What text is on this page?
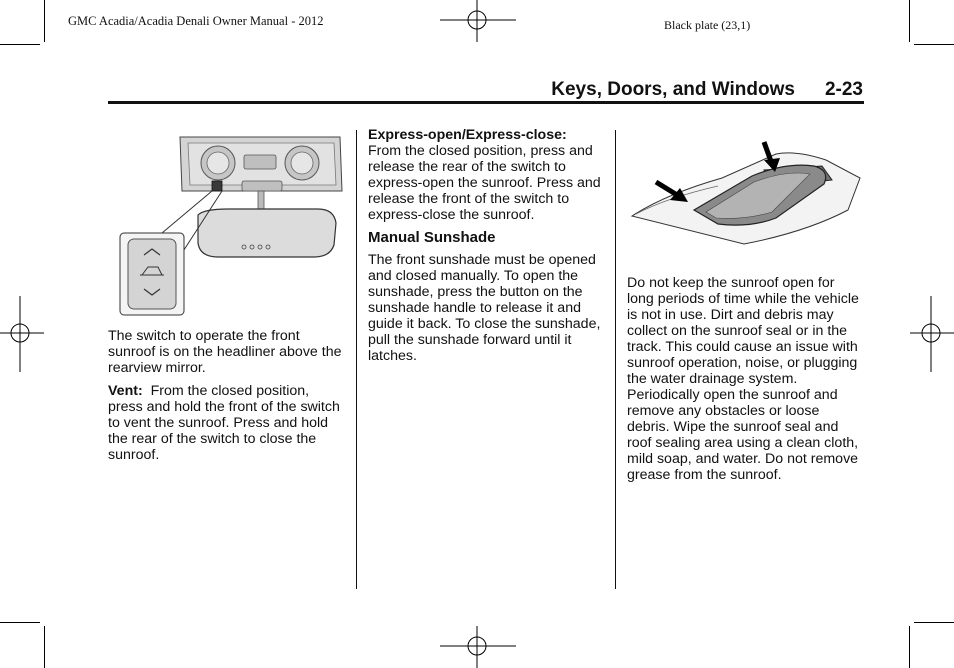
GMC Acadia/Acadia Denali Owner Manual - 2012	Black plate (23,1)
Keys, Doors, and Windows 2-23

The switch to operate the front sunroof is on the headliner above the rearview mirror.

Vent: From the closed position, press and hold the front of the switch to vent the sunroof. Press and hold the rear of the switch to close the sunroof.

Express-open/Express-close:
From the closed position, press and release the rear of the switch to express-open the sunroof. Press and release the front of the switch to express-close the sunroof.

Manual Sunshade

The front sunshade must be opened and closed manually. To open the sunshade, press the button on the sunshade handle to release it and guide it back. To close the sunshade, pull the sunshade forward until it latches.

Do not keep the sunroof open for long periods of time while the vehicle is not in use. Dirt and debris may collect on the sunroof seal or in the track. This could cause an issue with sunroof operation, noise, or plugging the water drainage system. Periodically open the sunroof and remove any obstacles or loose debris. Wipe the sunroof seal and roof sealing area using a clean cloth, mild soap, and water. Do not remove grease from the sunroof.
